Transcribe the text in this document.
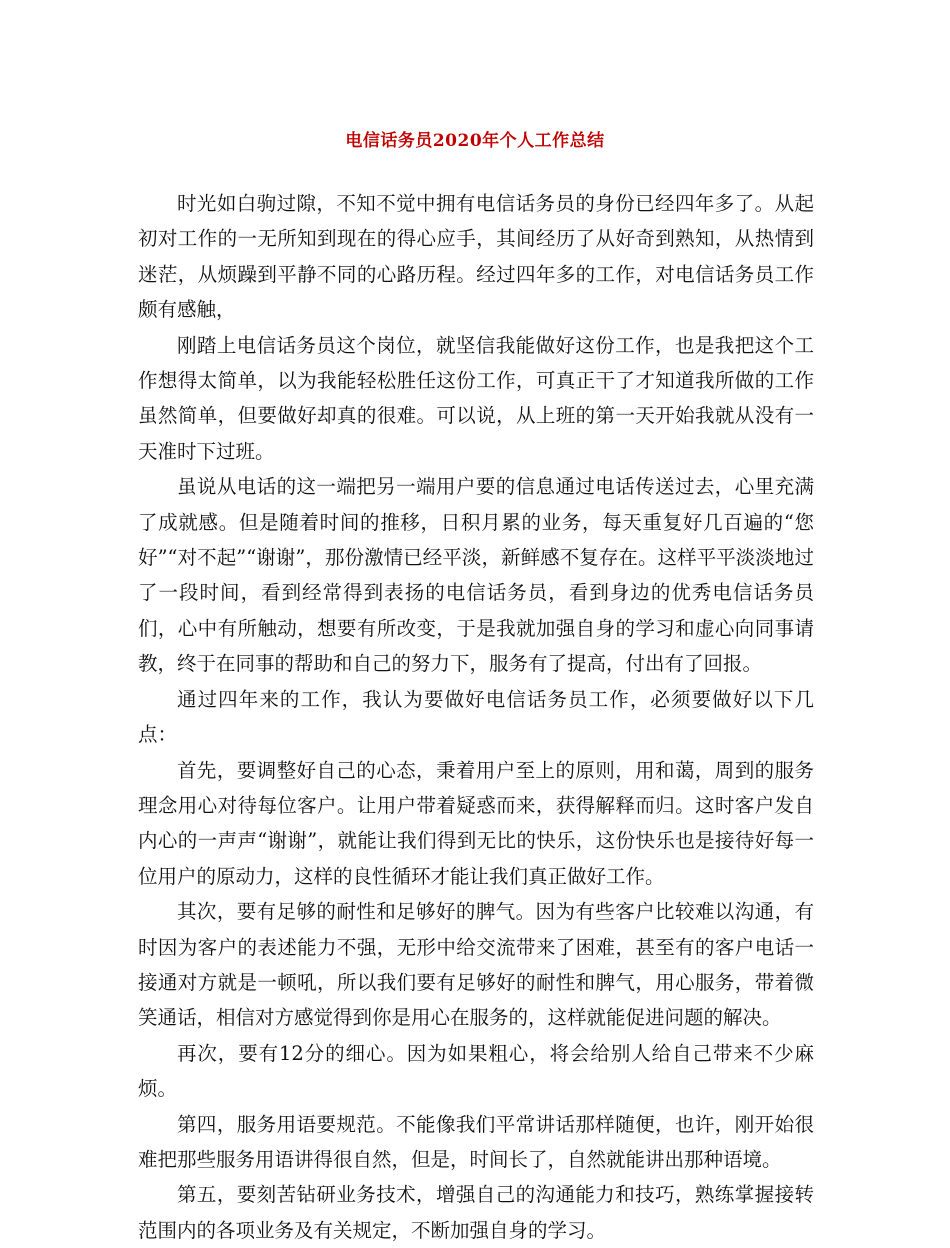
电信话务员2020年个人工作总结

时光如白驹过隙，不知不觉中拥有电信话务员的身份已经四年多了。从起初对工作的一无所知到现在的得心应手，其间经历了从好奇到熟知，从热情到迷茫，从烦躁到平静不同的心路历程。经过四年多的工作，对电信话务员工作颇有感触，

刚踏上电信话务员这个岗位，就坚信我能做好这份工作，也是我把这个工作想得太简单，以为我能轻松胜任这份工作，可真正干了才知道我所做的工作虽然简单，但要做好却真的很难。可以说，从上班的第一天开始我就从没有一天准时下过班。

虽说从电话的这一端把另一端用户要的信息通过电话传送过去，心里充满了成就感。但是随着时间的推移，日积月累的业务，每天重复好几百遍的“您好”“对不起”“谢谢”，那份激情已经平淡，新鲜感不复存在。这样平平淡淡地过了一段时间，看到经常得到表扬的电信话务员，看到身边的优秀电信话务员们，心中有所触动，想要有所改变，于是我就加强自身的学习和虚心向同事请教，终于在同事的帮助和自己的努力下，服务有了提高，付出有了回报。

通过四年来的工作，我认为要做好电信话务员工作，必须要做好以下几点：

首先，要调整好自己的心态，秉着用户至上的原则，用和蔼，周到的服务理念用心对待每位客户。让用户带着疑惑而来，获得解释而归。这时客户发自内心的一声声“谢谢”，就能让我们得到无比的快乐，这份快乐也是接待好每一位用户的原动力，这样的良性循环才能让我们真正做好工作。

其次，要有足够的耐性和足够好的脾气。因为有些客户比较难以沟通，有时因为客户的表述能力不强，无形中给交流带来了困难，甚至有的客户电话一接通对方就是一顿吼，所以我们要有足够好的耐性和脾气，用心服务，带着微笑通话，相信对方感觉得到你是用心在服务的，这样就能促进问题的解决。

再次，要有12分的细心。因为如果粗心，将会给别人给自己带来不少麻烦。

第四，服务用语要规范。不能像我们平常讲话那样随便，也许，刚开始很难把那些服务用语讲得很自然，但是，时间长了，自然就能讲出那种语境。

第五，要刻苦钻研业务技术，增强自己的沟通能力和技巧，熟练掌握接转范围内的各项业务及有关规定，不断加强自身的学习。
